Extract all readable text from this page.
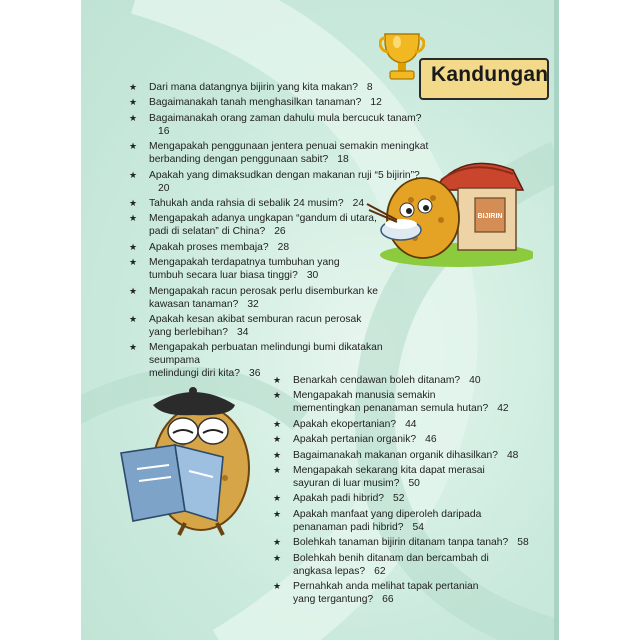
Kandungan
★ Dari mana datangnya bijirin yang kita makan? 8
★ Bagaimanakah tanah menghasilkan tanaman? 12
★ Bagaimanakah orang zaman dahulu mula bercucuk tanam?16
★ Mengapakah penggunaan jentera penuai semakin meningkat
berbanding dengan penggunaan sabit? 18
★ Apakah yang dimaksudkan dengan makanan ruji “5 bijirin”?20
★ Tahukah anda rahsia di sebalik 24 musim? 24
★ Mengapakah adanya ungkapan “gandum di utara,
padi di selatan” di China? 26
★ Apakah proses membaja? 28
★ Mengapakah terdapatnya tumbuhan yang
tumbuh secara luar biasa tinggi? 30
★ Mengapakah racun perosak perlu disemburkan ke
kawasan tanaman? 32
★ Apakah kesan akibat semburan racun perosak
yang berlebihan? 34
★ Mengapakah perbuatan melindungi bumi dikatakan seumpama
melindungi diri kita? 36
★ Benarkah cendawan boleh ditanam? 40
★ Mengapakah manusia semakin
mementingkan penanaman semula hutan? 42
★ Apakah ekopertanian? 44
★ Apakah pertanian organik? 46
★ Bagaimanakah makanan organik dihasilkan? 48
★ Mengapakah sekarang kita dapat merasai
sayuran di luar musim? 50
★ Apakah padi hibrid? 52
★ Apakah manfaat yang diperoleh daripada
penanaman padi hibrid? 54
★ Bolehkah tanaman bijirin ditanam tanpa tanah? 58
★ Bolehkah benih ditanam dan bercambah di
angkasa lepas? 62
★ Pernahkah anda melihat tapak pertanian
yang tergantung? 66
BIJIRIN
